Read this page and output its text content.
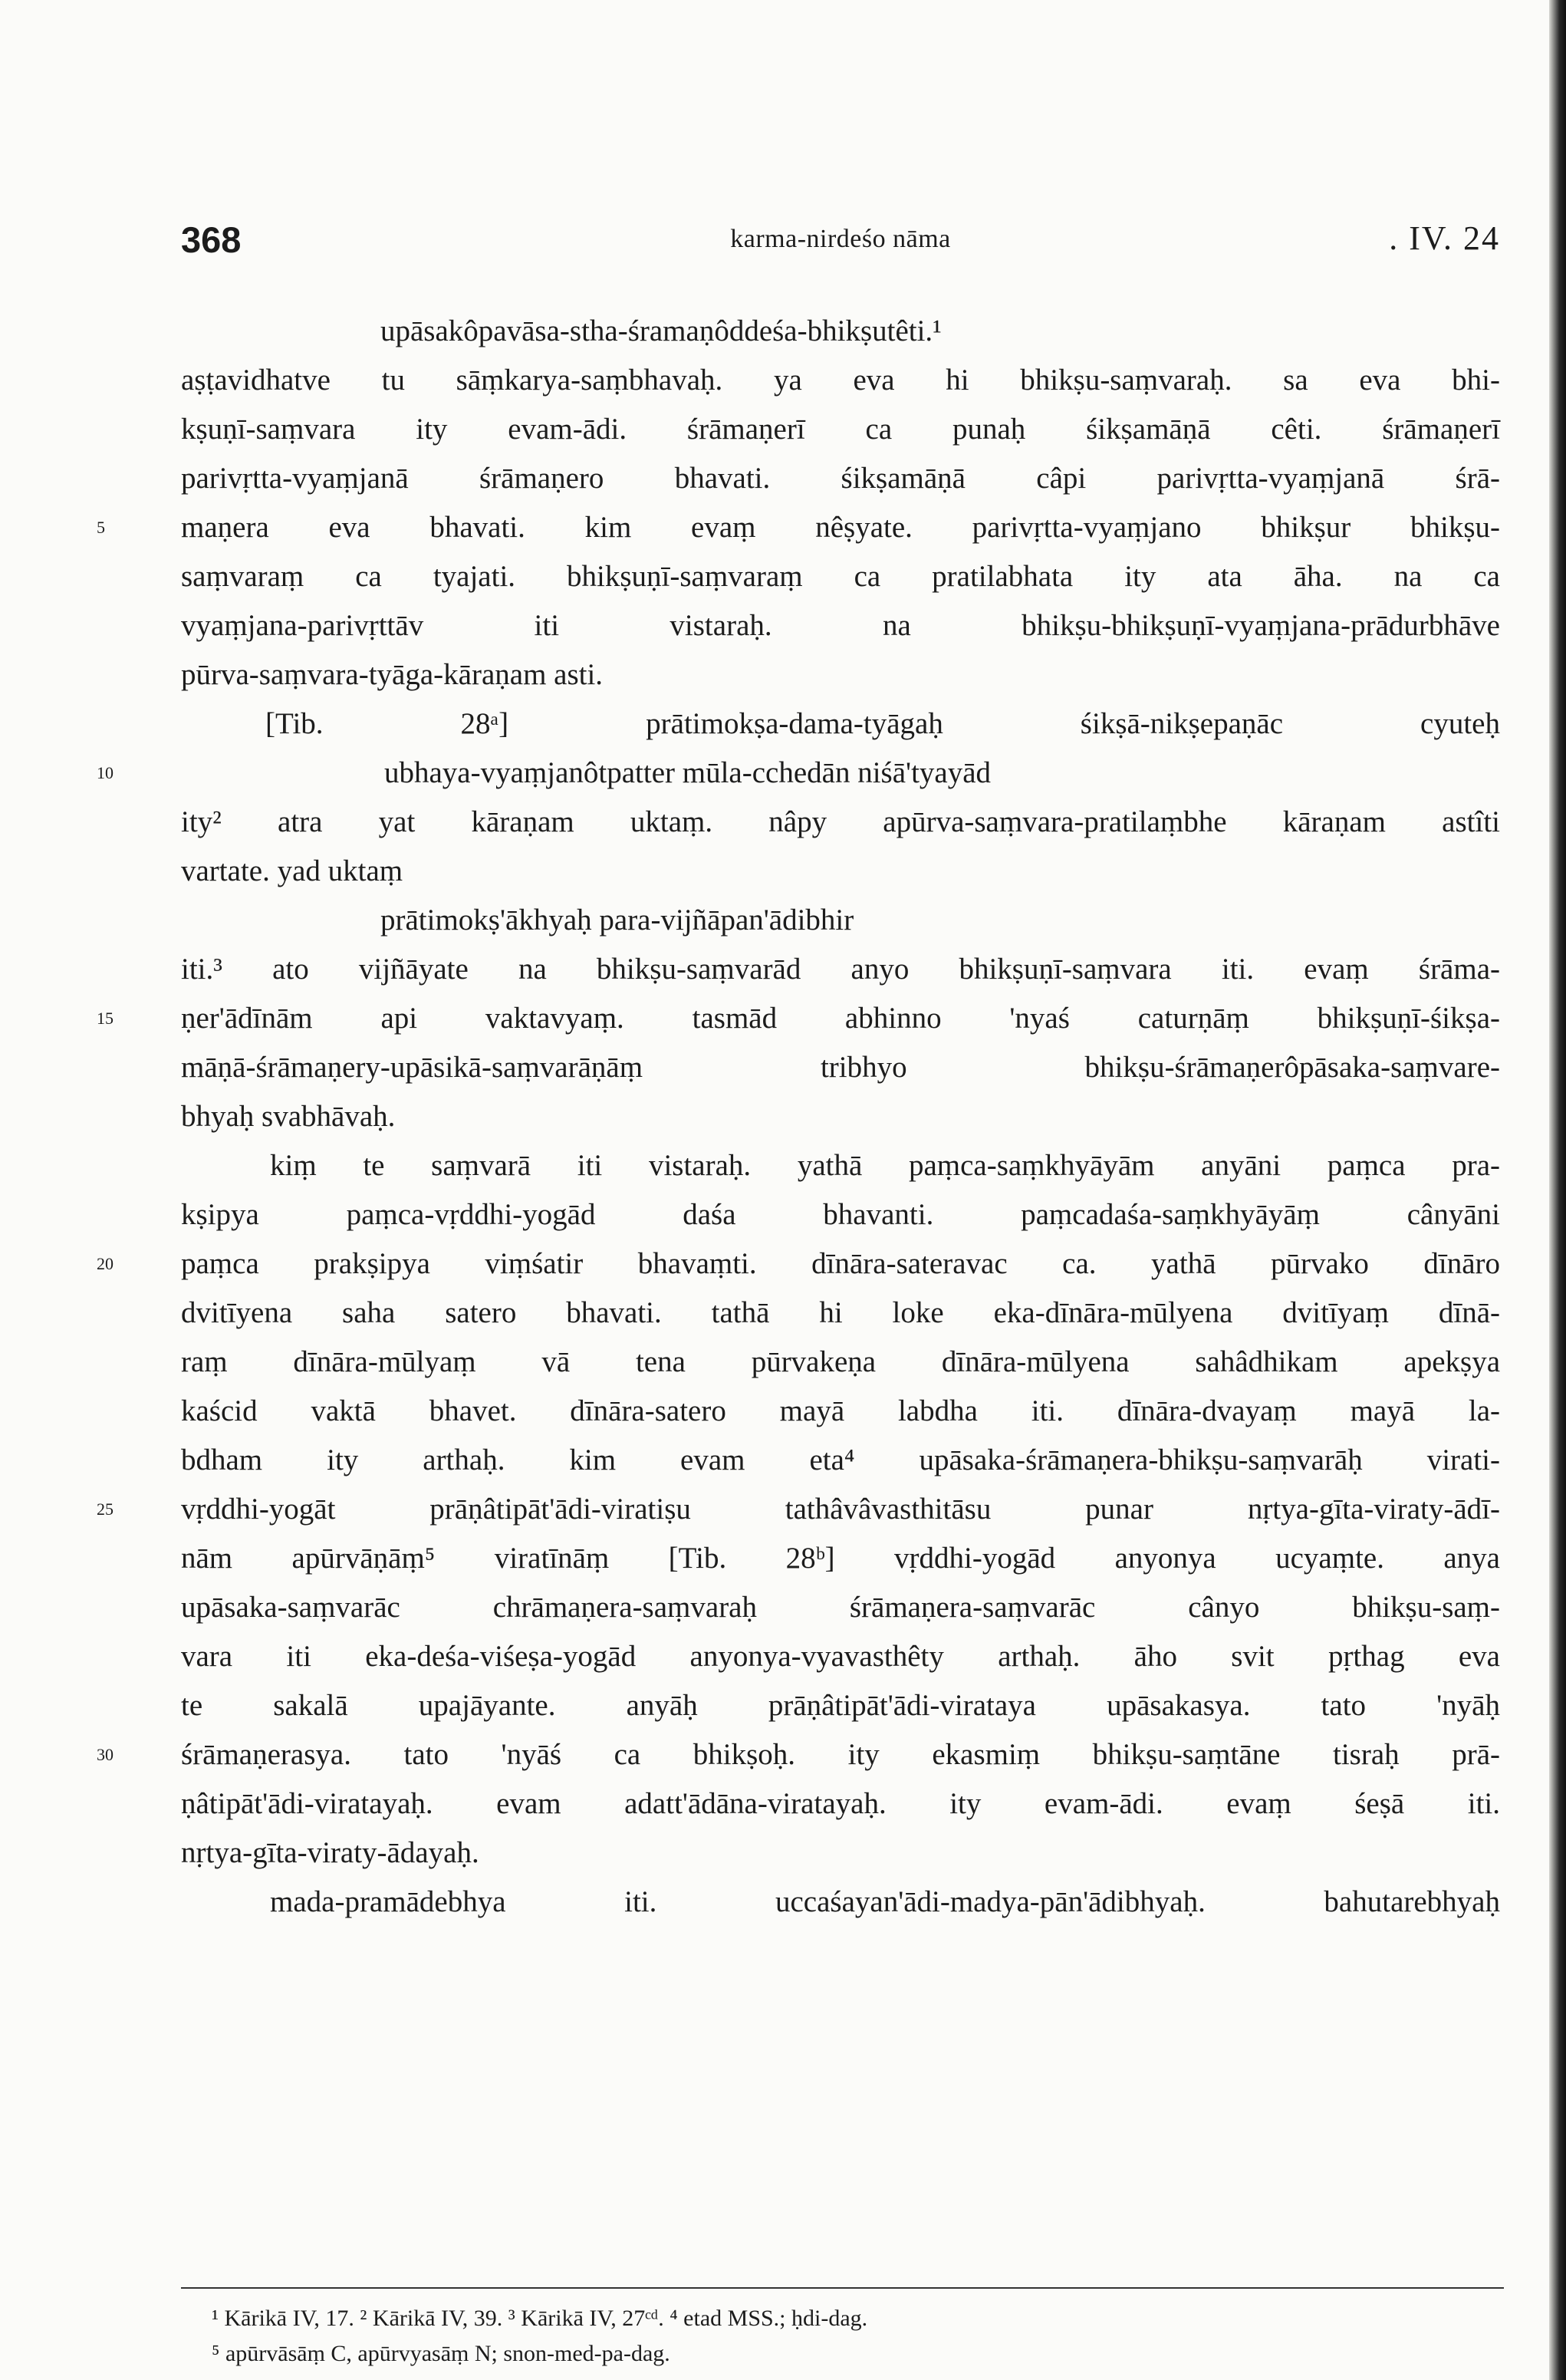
368	karma-nirdeśo nāma	. IV. 24
upāsakôpavāsa-stha-śramaṇôddeśa-bhikṣutêti.¹
aṣṭavidhatve tu sāṃkarya-saṃbhavaḥ. ya eva hi bhikṣu-saṃvaraḥ. sa eva bhi-
kṣuṇī-saṃvara ity evam-ādi. śrāmaṇerī ca punaḥ śikṣamāṇā cêti. śrāmaṇerī
parivṛtta-vyaṃjanā śrāmaṇero bhavati. śikṣamāṇā câpi parivṛtta-vyaṃjanā śrā-
maṇera eva bhavati. kim evaṃ nêṣyate. parivṛtta-vyaṃjano bhikṣur bhikṣu-
5
saṃvaraṃ ca tyajati. bhikṣuṇī-saṃvaraṃ ca pratilabhata ity ata āha. na ca
vyaṃjana-parivṛttāv iti vistaraḥ. na bhikṣu-bhikṣuṇī-vyaṃjana-prādurbhāve
pūrva-saṃvara-tyāga-kāraṇam asti.
[Tib. 28ᵃ] prātimokṣa-dama-tyāgaḥ śikṣā-nikṣepaṇāc cyuteḥ
ubhaya-vyaṃjanôtpatter mūla-cchedān niśā'tyayād
10
ity² atra yat kāraṇam uktaṃ. nâpy apūrva-saṃvara-pratilaṃbhe kāraṇam astîti
vartate. yad uktaṃ
prātimokṣ'ākhyaḥ para-vijñāpan'ādibhir
iti.³ ato vijñāyate na bhikṣu-saṃvarād anyo bhikṣuṇī-saṃvara iti. evaṃ śrāma-
ṇer'ādīnām api vaktavyaṃ. tasmād abhinno 'nyaś caturṇāṃ bhikṣuṇī-śikṣa-
15
māṇā-śrāmaṇery-upāsikā-saṃvarāṇāṃ tribhyo bhikṣu-śrāmaṇerôpāsaka-saṃvare-
bhyaḥ svabhāvaḥ.
kiṃ te saṃvarā iti vistaraḥ. yathā paṃca-saṃkhyāyām anyāni paṃca pra-
kṣipya paṃca-vṛddhi-yogād daśa bhavanti. paṃcadaśa-saṃkhyāyāṃ cânyāni
paṃca prakṣipya viṃśatir bhavaṃti. dīnāra-sateravac ca. yathā pūrvako dīnāro
20
dvitīyena saha satero bhavati. tathā hi loke eka-dīnāra-mūlyena dvitīyaṃ dīnā-
raṃ dīnāra-mūlyaṃ vā tena pūrvakeṇa dīnāra-mūlyena sahâdhikam apekṣya
kaścid vaktā bhavet. dīnāra-satero mayā labdha iti. dīnāra-dvayaṃ mayā la-
bdham ity arthaḥ. kim evam eta⁴ upāsaka-śrāmaṇera-bhikṣu-saṃvarāḥ virati-
vṛddhi-yogāt prāṇâtipāt'ādi-viratiṣu tathâvâvasthitāsu punar nṛtya-gīta-viraty-ādī-
25
nām apūrvāṇāṃ⁵ viratīnāṃ [Tib. 28ᵇ] vṛddhi-yogād anyonya ucyaṃte. anya
upāsaka-saṃvarāc chrāmaṇera-saṃvaraḥ śrāmaṇera-saṃvarāc cânyo bhikṣu-saṃ-
vara iti eka-deśa-viśeṣa-yogād anyonya-vyavasthêty arthaḥ. āho svit pṛthag eva
te sakalā upajāyante. anyāḥ prāṇâtipāt'ādi-virataya upāsakasya. tato 'nyāḥ
śrāmaṇerasya. tato 'nyāś ca bhikṣoḥ. ity ekasmiṃ bhikṣu-saṃtāne tisraḥ prā-
30
ṇâtipāt'ādi-viratayaḥ. evam adatt'ādāna-viratayaḥ. ity evam-ādi. evaṃ śeṣā iti.
nṛtya-gīta-viraty-ādayaḥ.
mada-pramādebhya iti. uccaśayan'ādi-madya-pān'ādibhyaḥ. bahutarebhyaḥ
¹ Kārikā IV, 17. ² Kārikā IV, 39. ³ Kārikā IV, 27ᶜᵈ. ⁴ etad MSS.; ḥdi-dag.
⁵ apūrvāsāṃ C, apūrvyasāṃ N; snon-med-pa-dag.
